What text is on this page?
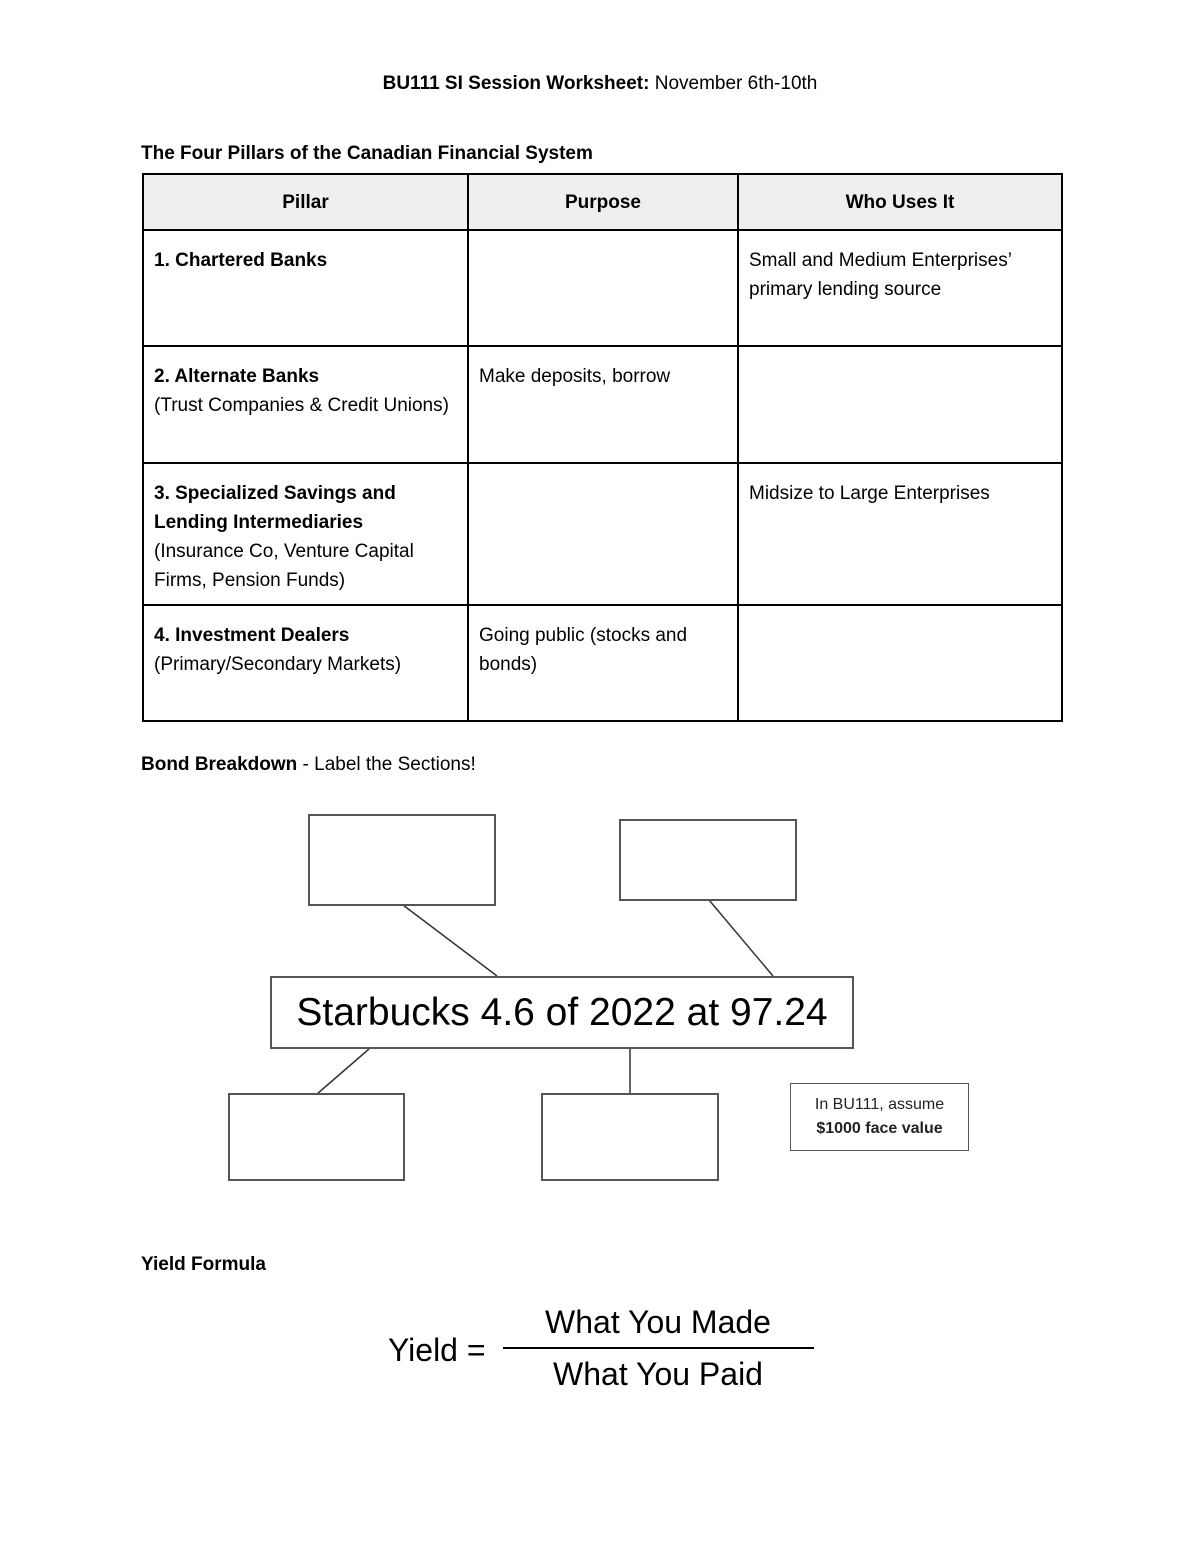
BU111 SI Session Worksheet: November 6th-10th
The Four Pillars of the Canadian Financial System
Pillar	Purpose	Who Uses It

1. Chartered Banks		Small and Medium Enterprises’ primary lending source

2. Alternate Banks
(Trust Companies & Credit Unions)	Make deposits, borrow	

3. Specialized Savings and Lending Intermediaries
(Insurance Co, Venture Capital Firms, Pension Funds)		Midsize to Large Enterprises

4. Investment Dealers
(Primary/Secondary Markets)	Going public (stocks and bonds)	
Bond Breakdown - Label the Sections!
Starbucks 4.6 of 2022 at 97.24
In BU111, assume
$1000 face value
Yield Formula
Yield =
What You Made
What You Paid
